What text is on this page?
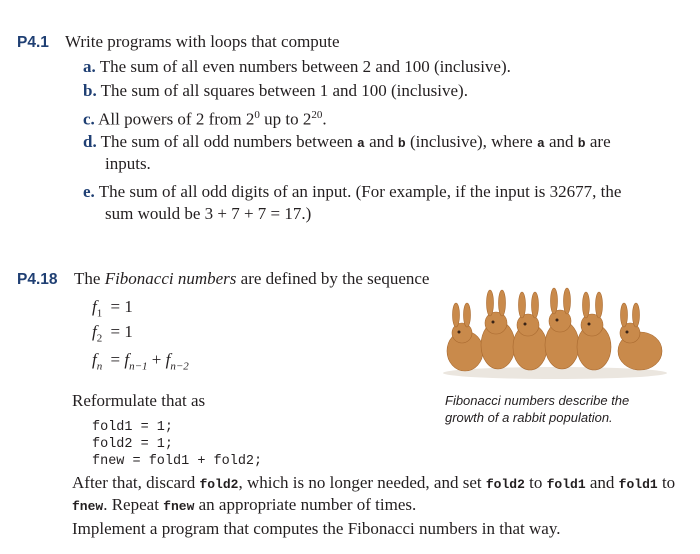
P4.1 Write programs with loops that compute
a. The sum of all even numbers between 2 and 100 (inclusive).
b. The sum of all squares between 1 and 100 (inclusive).
c. All powers of 2 from $2^0$ up to $2^{20}$.
d. The sum of all odd numbers between a and b (inclusive), where a and b are
inputs.
e. The sum of all odd digits of an input. (For example, if the input is 32677, the
sum would be 3 + 7 + 7 = 17.)
P4.18 The Fibonacci numbers are defined by the sequence
$f_1 = 1$
$f_2 = 1$
$f_n = f_{n-1} + f_{n-2}$
Fibonacci numbers describe the
growth of a rabbit population.
Reformulate that as
fold1 = 1;
fold2 = 1;
fnew = fold1 + fold2;
After that, discard fold2, which is no longer needed, and set fold2 to fold1 and fold1 to
fnew. Repeat fnew an appropriate number of times.
Implement a program that computes the Fibonacci numbers in that way.
